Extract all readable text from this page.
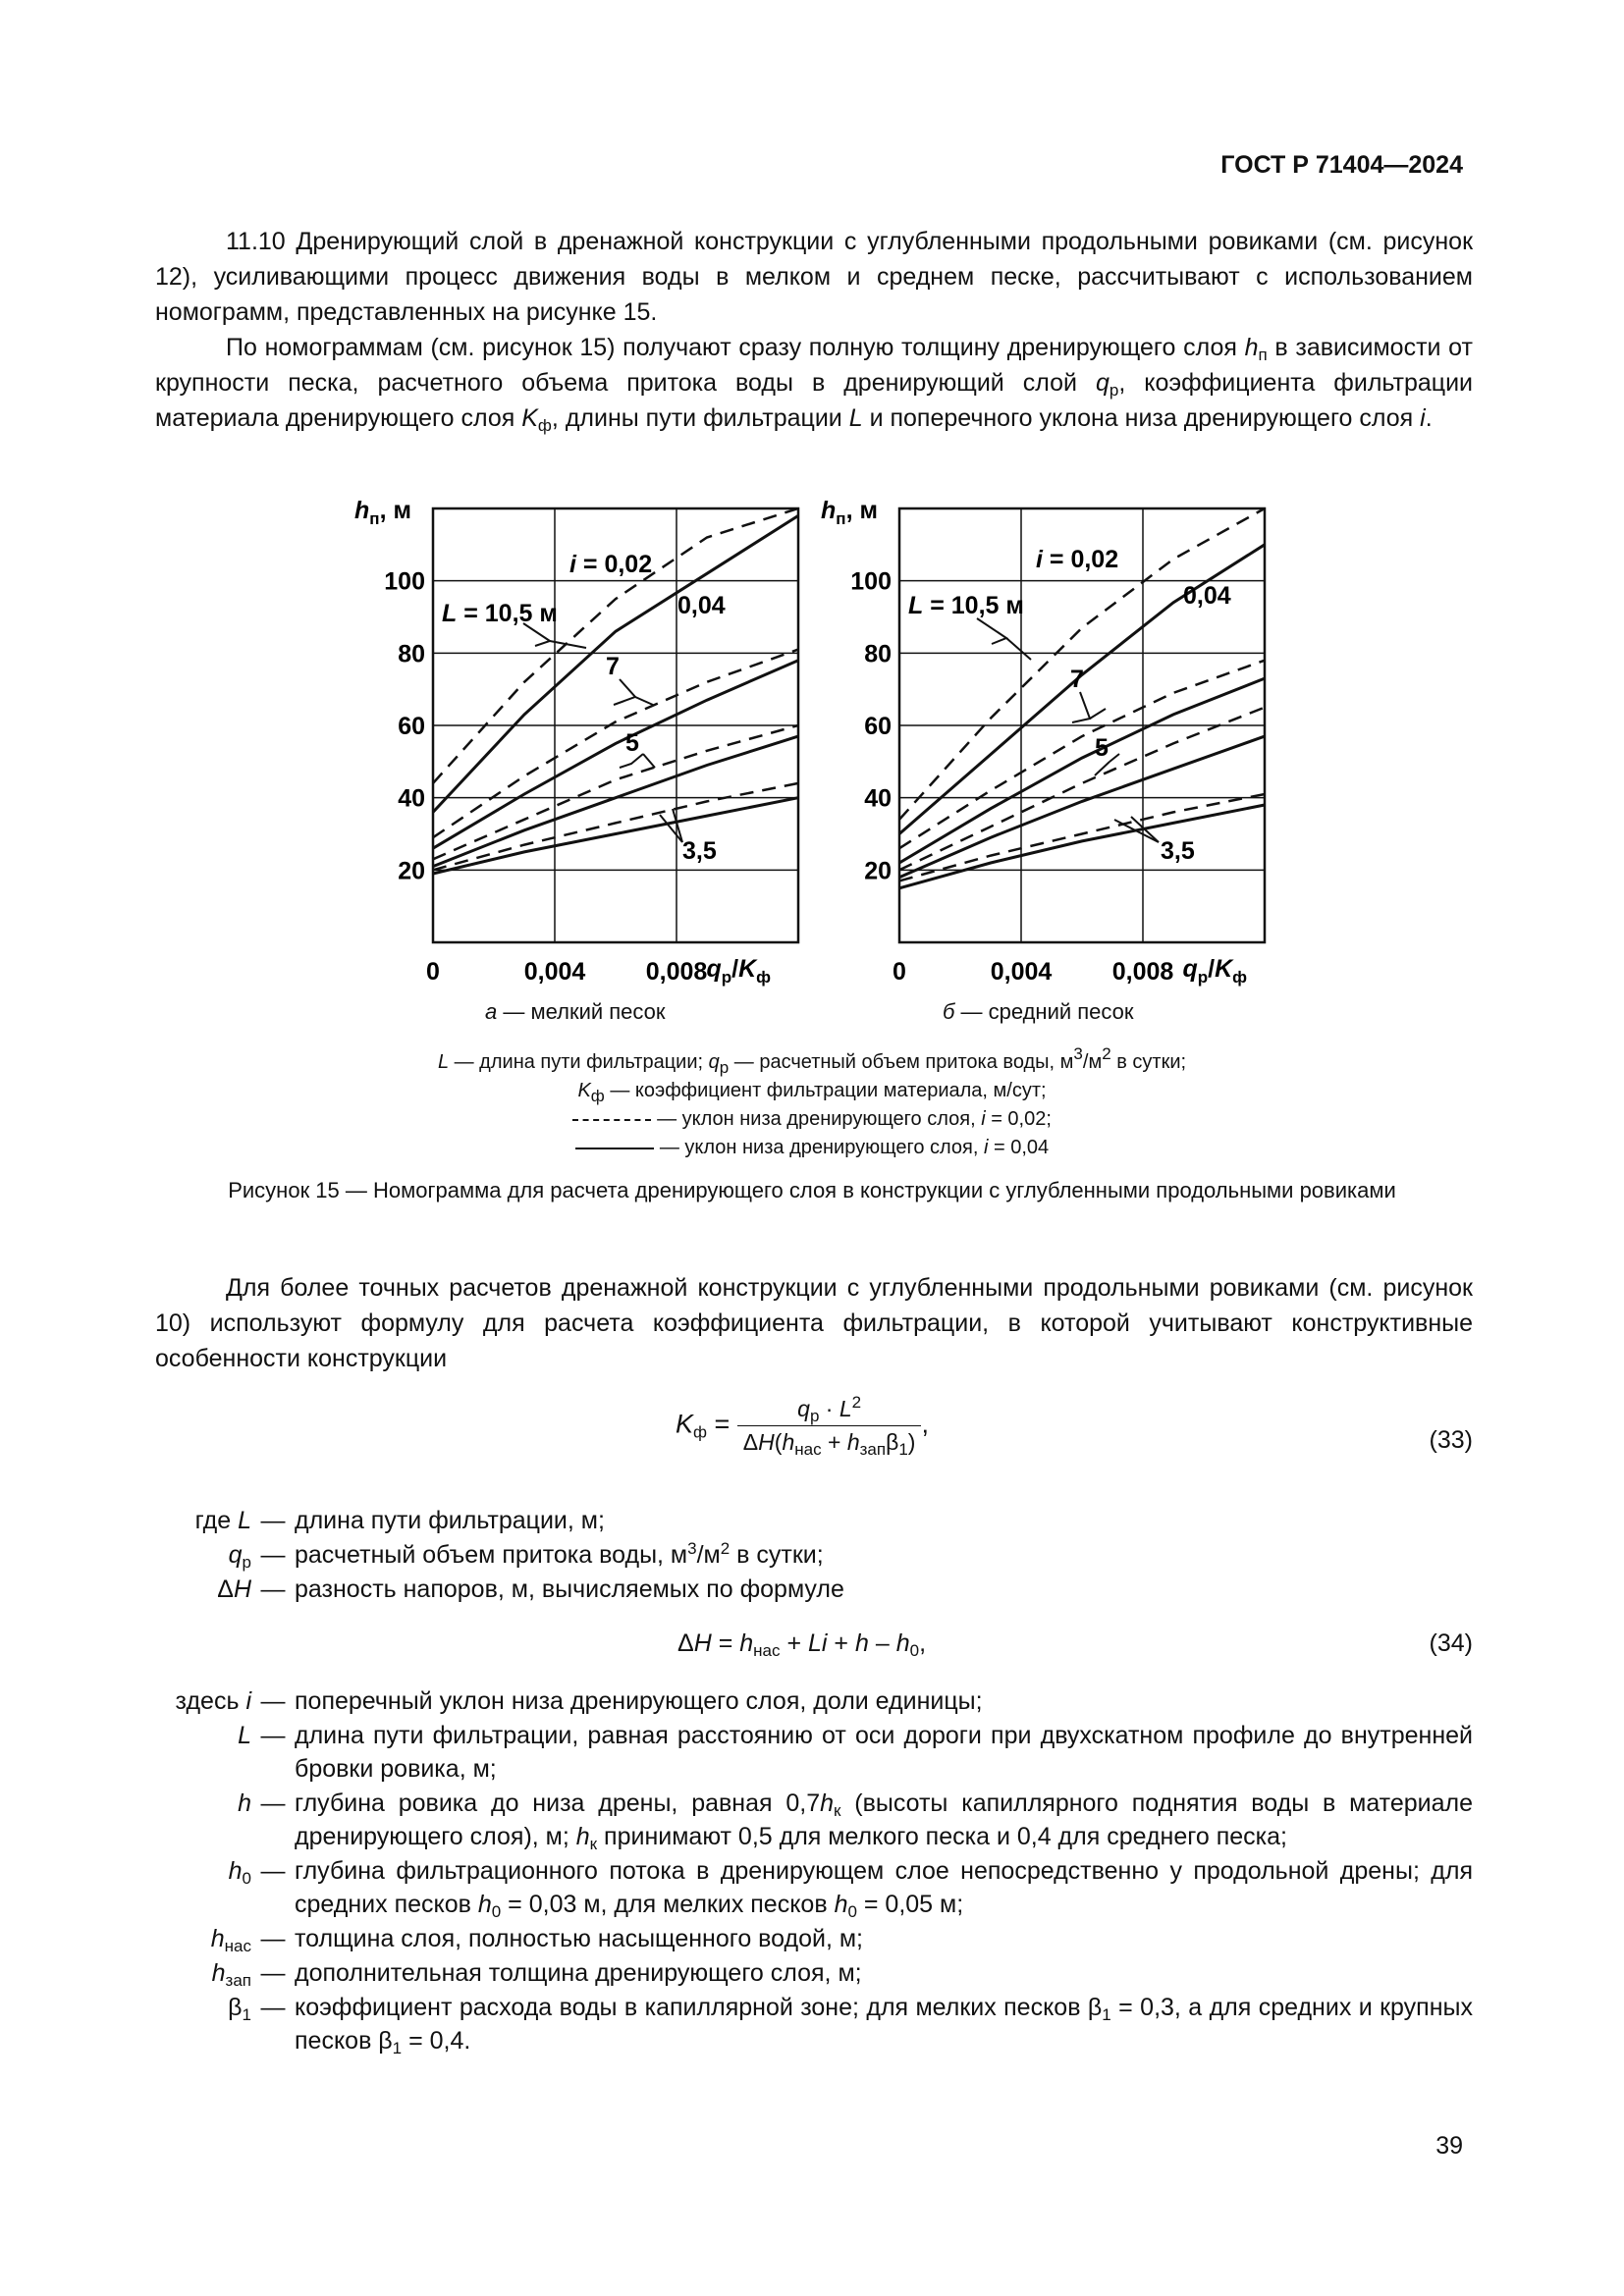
ГОСТ Р 71404—2024

11.10 Дренирующий слой в дренажной конструкции с углубленными продольными ровиками (см. рисунок 12), усиливающими процесс движения воды в мелком и среднем песке, рассчитывают с использованием номограмм, представленных на рисунке 15.

По номограммам (см. рисунок 15) получают сразу полную толщину дренирующего слоя $h_п$ в зависимости от крупности песка, расчетного объема притока воды в дренирующий слой $q_р$, коэффициента фильтрации материала дренирующего слоя $K_ф$, длины пути фильтрации L и поперечного уклона низа дренирующего слоя i.

0	0,004 0,008
20
40
60
80
100
$h_п$, м
$q_р/K_ф$
i = 0,02
0,04
L = 10,5 м
7
5
3,5
а — мелкий песок
0	0,004 0,008
20
40
60
80
100
$h_п$, м
$q_р/K_ф$
i = 0,02
0,04
L = 10,5 м
7
5
3,5
б — средний песок
L — длина пути фильтрации; $q_р$ — расчетный объем притока воды, $м^3/м^2$ в сутки;
$K_ф$ — коэффициент фильтрации материала, м/сут;
— уклон низа дренирующего слоя, i = 0,02;
— уклон низа дренирующего слоя, i = 0,04
Рисунок 15 — Номограмма для расчета дренирующего слоя в конструкции с углубленными продольными ровиками

Для более точных расчетов дренажной конструкции с углубленными продольными ровиками (см. рисунок 10) используют формулу для расчета коэффициента фильтрации, в которой учитывают конструктивные особенности конструкции

$K_ф = \frac{q_р \cdot L^2}{\Delta H(h_{нас} + h_{зап}\beta_1)}$ ,
(33)
где L — длина пути фильтрации, м;
$q_р$ — расчетный объем притока воды, $м^3/м^2$ в сутки;
ΔH — разность напоров, м, вычисляемых по формуле
$\Delta H = h_{нас} + Li + h - h_0$,	(34)
здесь i — поперечный уклон низа дренирующего слоя, доли единицы;
L — длина пути фильтрации, равная расстоянию от оси дороги при двухскатном профиле до внутренней бровки ровика, м;
h — глубина ровика до низа дрены, равная $0,7h_к$ (высоты капиллярного поднятия воды в материале дренирующего слоя), м; $h_к$ принимают 0,5 для мелкого песка и 0,4 для среднего песка;
$h_0$ — глубина фильтрационного потока в дренирующем слое непосредственно у продольной дрены; для средних песков $h_0 = 0,03$ м, для мелких песков $h_0 = 0,05$ м;
$h_{нас}$ — толщина слоя, полностью насыщенного водой, м;
$h_{зап}$ — дополнительная толщина дренирующего слоя, м;
$\beta_1$ — коэффициент расхода воды в капиллярной зоне; для мелких песков $\beta_1 = 0,3$, а для средних и крупных песков $\beta_1 = 0,4$.
39
